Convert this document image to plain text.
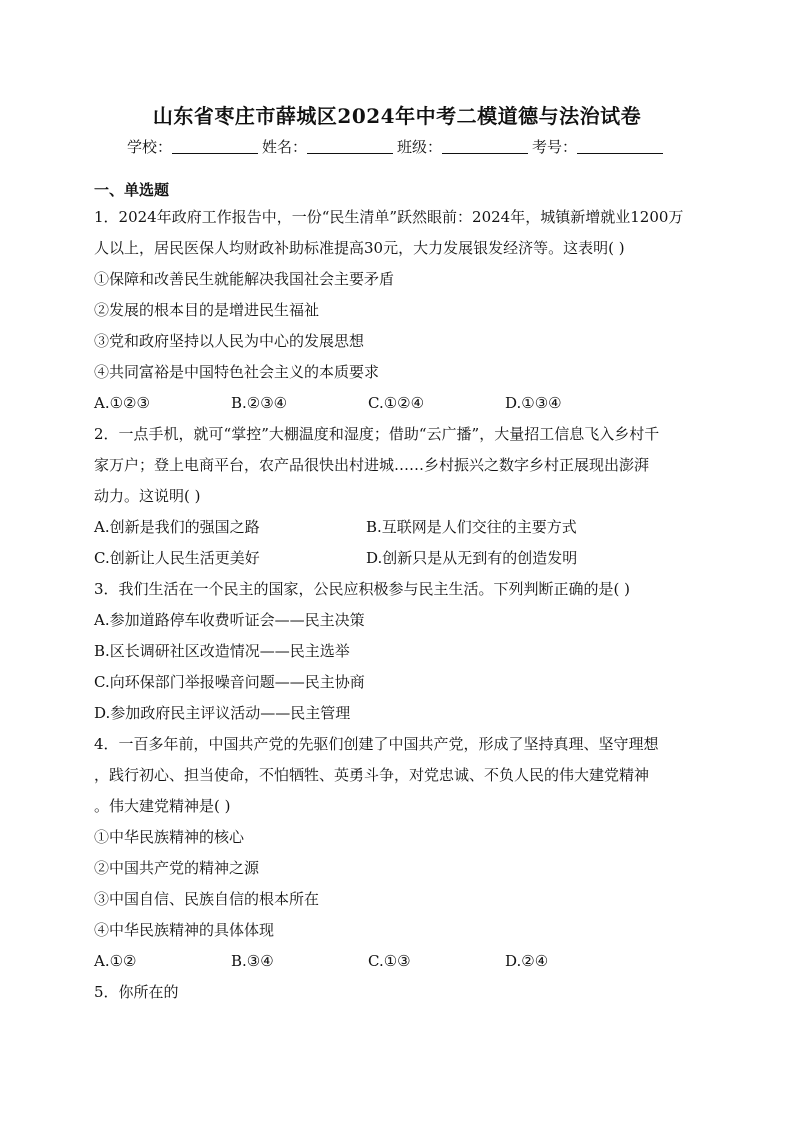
山东省枣庄市薛城区2024年中考二模道德与法治试卷
学校：	姓名：	班级：	考号：
一、单选题
1．2024年政府工作报告中，一份“民生清单”跃然眼前：2024年，城镇新增就业1200万
人以上，居民医保人均财政补助标准提高30元，大力发展银发经济等。这表明( )
①保障和改善民生就能解决我国社会主要矛盾
②发展的根本目的是增进民生福祉
③党和政府坚持以人民为中心的发展思想
④共同富裕是中国特色社会主义的本质要求
A.①②③	B.②③④	C.①②④	D.①③④
2．一点手机，就可“掌控”大棚温度和湿度；借助“云广播”，大量招工信息飞入乡村千
家万户；登上电商平台，农产品很快出村进城……乡村振兴之数字乡村正展现出澎湃
动力。这说明( )
A.创新是我们的强国之路	B.互联网是人们交往的主要方式
C.创新让人民生活更美好	D.创新只是从无到有的创造发明
3．我们生活在一个民主的国家，公民应积极参与民主生活。下列判断正确的是( )
A.参加道路停车收费听证会——民主决策
B.区长调研社区改造情况——民主选举
C.向环保部门举报噪音问题——民主协商
D.参加政府民主评议活动——民主管理
4．一百多年前，中国共产党的先驱们创建了中国共产党，形成了坚持真理、坚守理想
，践行初心、担当使命，不怕牺牲、英勇斗争，对党忠诚、不负人民的伟大建党精神
。伟大建党精神是( )
①中华民族精神的核心
②中国共产党的精神之源
③中国自信、民族自信的根本所在
④中华民族精神的具体体现
A.①②	B.③④	C.①③	D.②④
5．你所在的
